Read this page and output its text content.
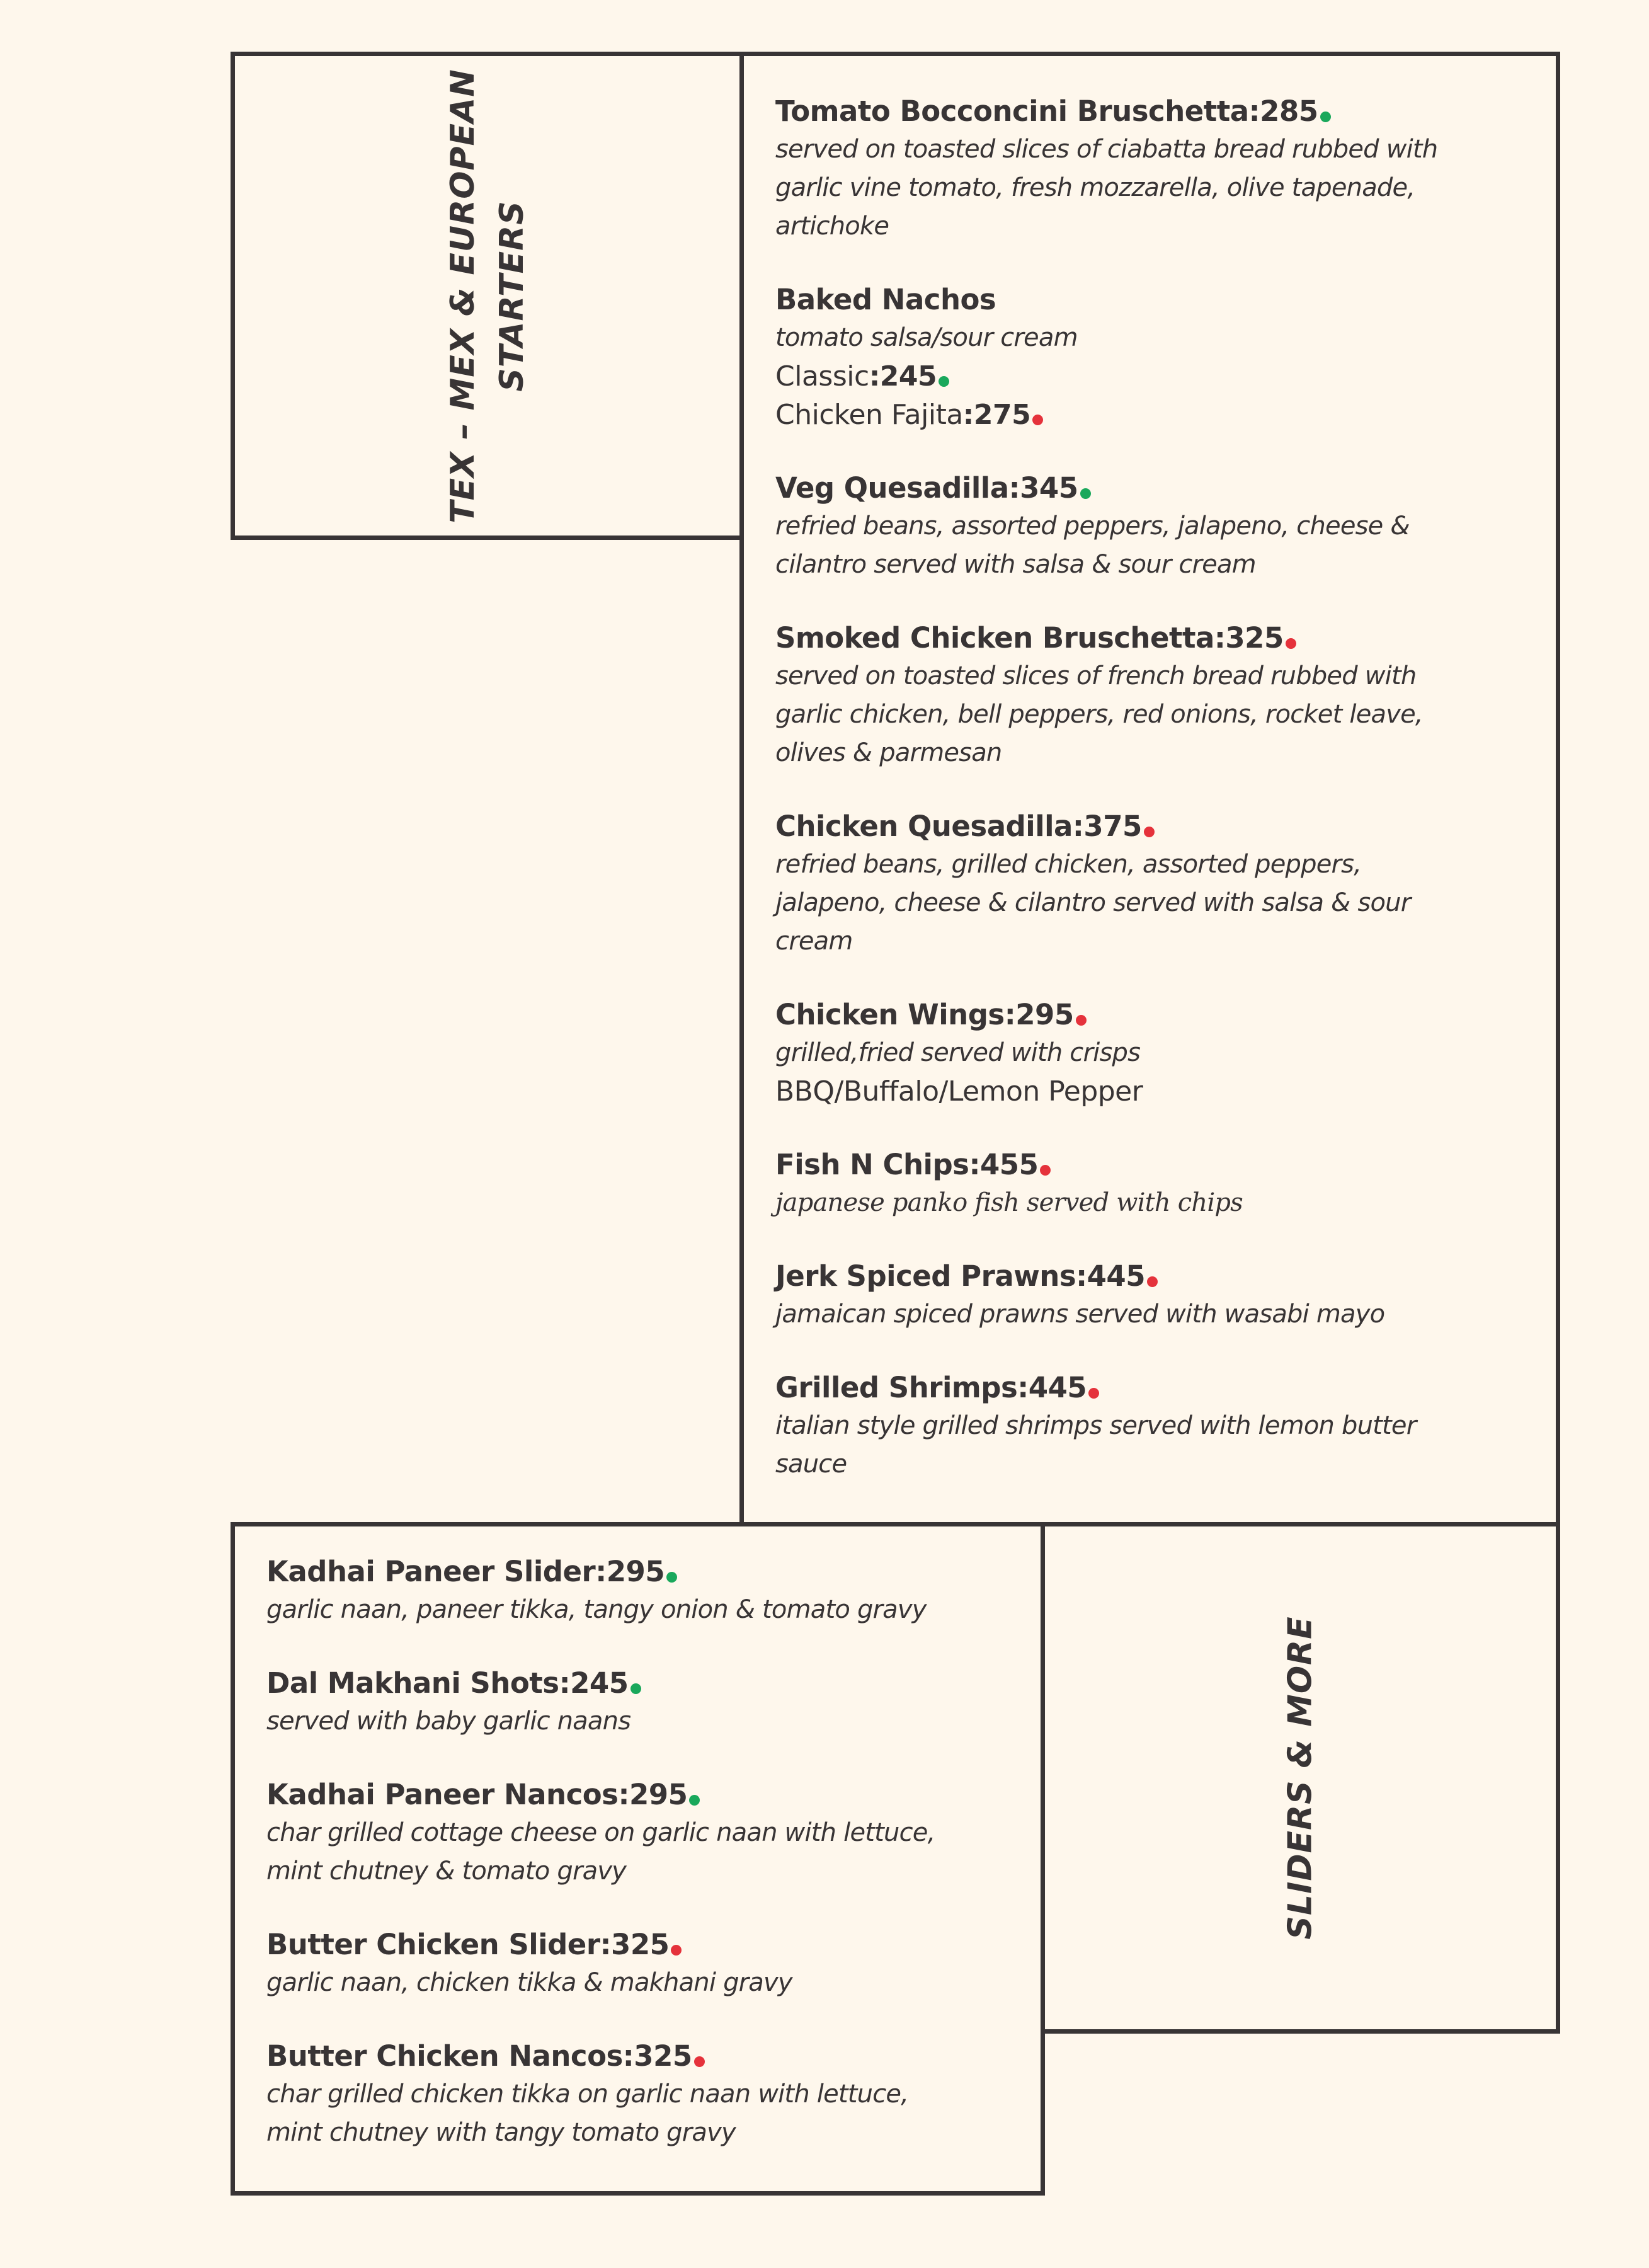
TEX – MEX & EUROPEAN STARTERS
Tomato Bocconcini Bruschetta:285
served on toasted slices of ciabatta bread rubbed with
garlic vine tomato, fresh mozzarella, olive tapenade,
artichoke
Baked Nachos
tomato salsa/sour cream
Classic:245
Chicken Fajita:275
Veg Quesadilla:345
refried beans, assorted peppers, jalapeno, cheese &
cilantro served with salsa & sour cream
Smoked Chicken Bruschetta:325
served on toasted slices of french bread rubbed with
garlic chicken, bell peppers, red onions, rocket leave,
olives & parmesan
Chicken Quesadilla:375
refried beans, grilled chicken, assorted peppers,
jalapeno, cheese & cilantro served with salsa & sour
cream
Chicken Wings:295
grilled,fried served with crisps
BBQ/Buffalo/Lemon Pepper
Fish N Chips:455
japanese panko fish served with chips
Jerk Spiced Prawns:445
jamaican spiced prawns served with wasabi mayo
Grilled Shrimps:445
italian style grilled shrimps served with lemon butter
sauce
Kadhai Paneer Slider:295
garlic naan, paneer tikka, tangy onion & tomato gravy
Dal Makhani Shots:245
served with baby garlic naans
Kadhai Paneer Nancos:295
char grilled cottage cheese on garlic naan with lettuce,
mint chutney & tomato gravy
Butter Chicken Slider:325
garlic naan, chicken tikka & makhani gravy
Butter Chicken Nancos:325
char grilled chicken tikka on garlic naan with lettuce,
mint chutney with tangy tomato gravy
SLIDERS & MORE
